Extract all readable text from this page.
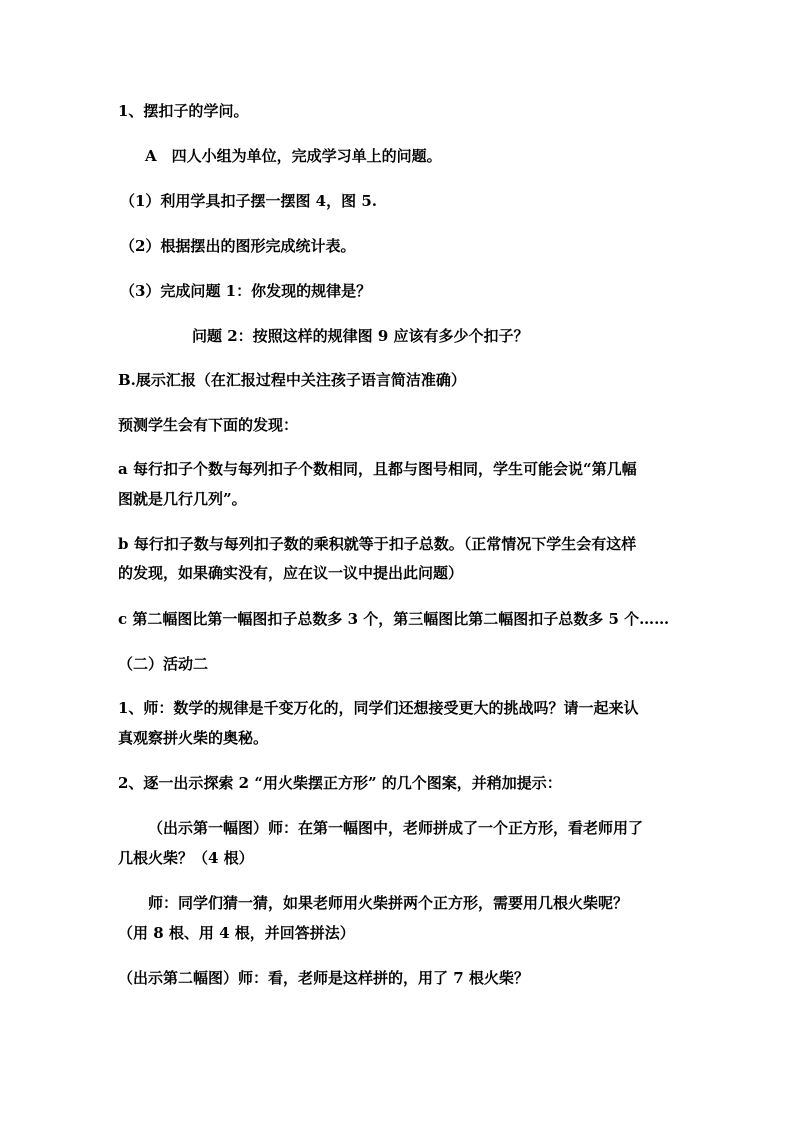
1、摆扣子的学问。
A　四人小组为单位，完成学习单上的问题。
（1）利用学具扣子摆一摆图 4，图 5.
（2）根据摆出的图形完成统计表。
（3）完成问题 1：你发现的规律是？
问题 2：按照这样的规律图 9 应该有多少个扣子？
B.展示汇报（在汇报过程中关注孩子语言简洁准确）
预测学生会有下面的发现：
a 每行扣子个数与每列扣子个数相同，且都与图号相同，学生可能会说“第几幅
图就是几行几列”。
b 每行扣子数与每列扣子数的乘积就等于扣子总数。（正常情况下学生会有这样
的发现，如果确实没有，应在议一议中提出此问题）
c 第二幅图比第一幅图扣子总数多 3 个，第三幅图比第二幅图扣子总数多 5 个……
（二）活动二
1、师：数学的规律是千变万化的，同学们还想接受更大的挑战吗？请一起来认
真观察拼火柴的奥秘。
2、逐一出示探索 2 “用火柴摆正方形” 的几个图案，并稍加提示：
（出示第一幅图）师：在第一幅图中，老师拼成了一个正方形，看老师用了
几根火柴？（4 根）
师：同学们猜一猜，如果老师用火柴拼两个正方形，需要用几根火柴呢？
（用 8 根、用 4 根，并回答拼法）
（出示第二幅图）师：看，老师是这样拼的，用了 7 根火柴？
